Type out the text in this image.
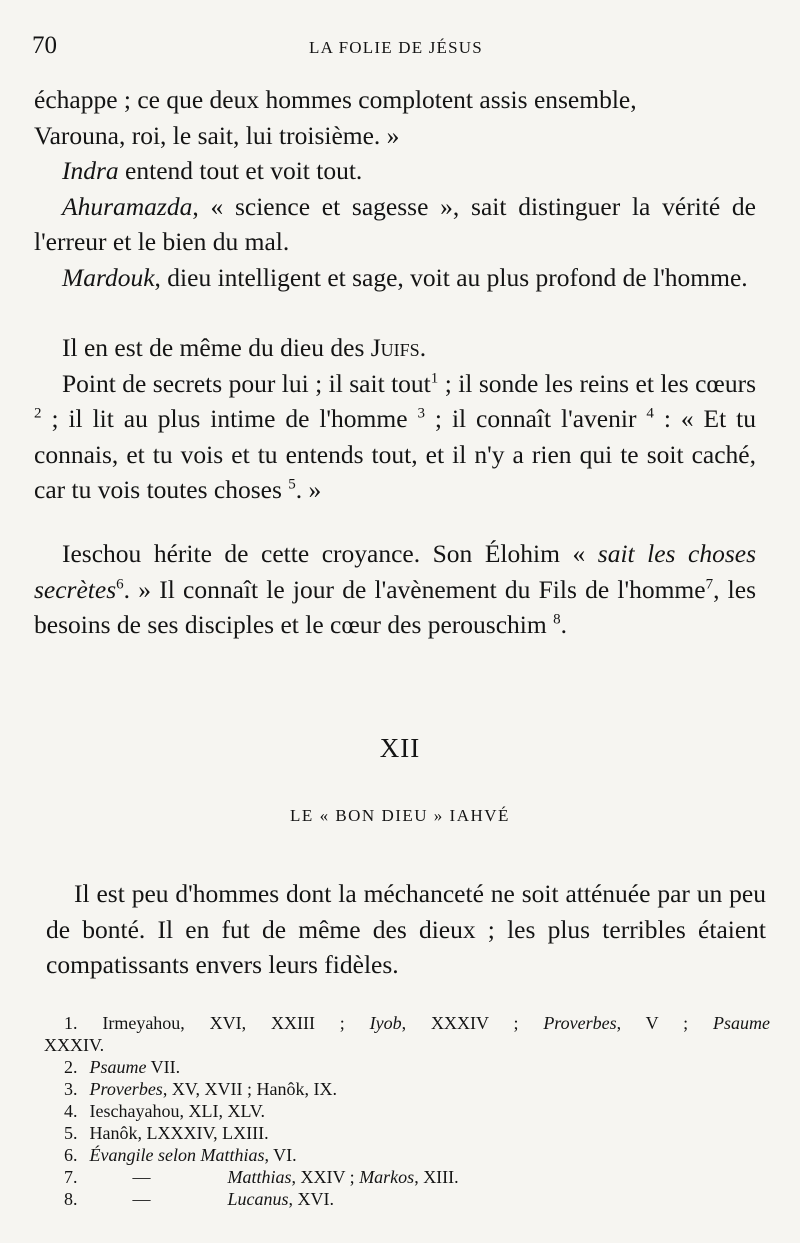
70	LA FOLIE DE JÉSUS

échappe ; ce que deux hommes complotent assis ensemble,

Varouna, roi, le sait, lui troisième. »

Indra entend tout et voit tout.

Ahuramazda, « science et sagesse », sait distinguer la vérité de l'erreur et le bien du mal.

Mardouk, dieu intelligent et sage, voit au plus profond de l'homme.

Il en est de même du dieu des Juifs.

Point de secrets pour lui ; il sait tout$^1$ ; il sonde les reins et les cœurs $^2$ ; il lit au plus intime de l'homme $^3$ ; il connaît l'avenir $^4$ : « Et tu connais, et tu vois et tu entends tout, et il n'y a rien qui te soit caché, car tu vois toutes choses $^5$. »

Ieschou hérite de cette croyance. Son Élohim « sait les choses secrètes$^6$. » Il connaît le jour de l'avènement du Fils de l'homme$^7$, les besoins de ses disciples et le cœur des perouschim $^8$.

XII
LE « BON DIEU » IAHVÉ

Il est peu d'hommes dont la méchanceté ne soit atténuée par un peu de bonté. Il en fut de même des dieux ; les plus terribles étaient compatissants envers leurs fidèles.

1. Irmeyahou, XVI, XXIII ; Iyob, XXXIV ; Proverbes, V ; Psaume

XXXIV.

2. Psaume VII.

3. Proverbes, XV, XVII ; Hanôk, IX.

4. Ieschayahou, XLI, XLV.

5. Hanôk, LXXXIV, LXIII.

6. Évangile selon Matthias, VI.

7.	—	Matthias, XXIV ; Markos, XIII.

8.	—	Lucanus, XVI.
